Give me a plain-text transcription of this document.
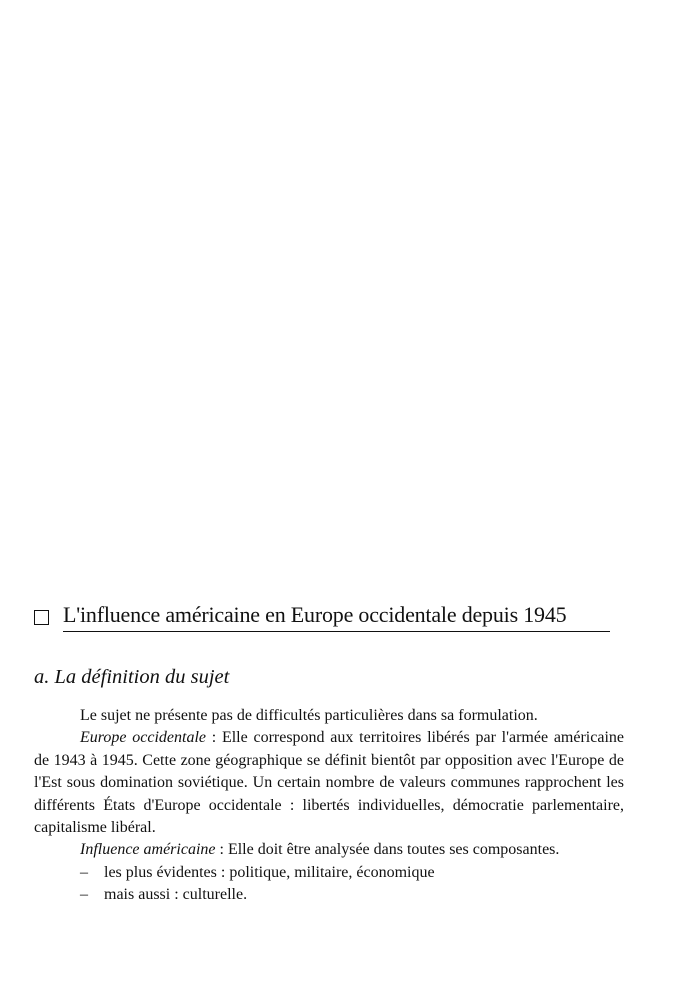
L'influence américaine en Europe occidentale depuis 1945
a. La définition du sujet

Le sujet ne présente pas de difficultés particulières dans sa formulation.

Europe occidentale : Elle correspond aux territoires libérés par l'armée américaine de 1943 à 1945. Cette zone géographique se définit bientôt par opposition avec l'Europe de l'Est sous domination soviétique. Un certain nombre de valeurs communes rapprochent les différents États d'Europe occidentale : libertés individuelles, démocratie parlementaire, capitalisme libéral.

Influence américaine : Elle doit être analysée dans toutes ses composantes.

– les plus évidentes : politique, militaire, économique
– mais aussi : culturelle.
